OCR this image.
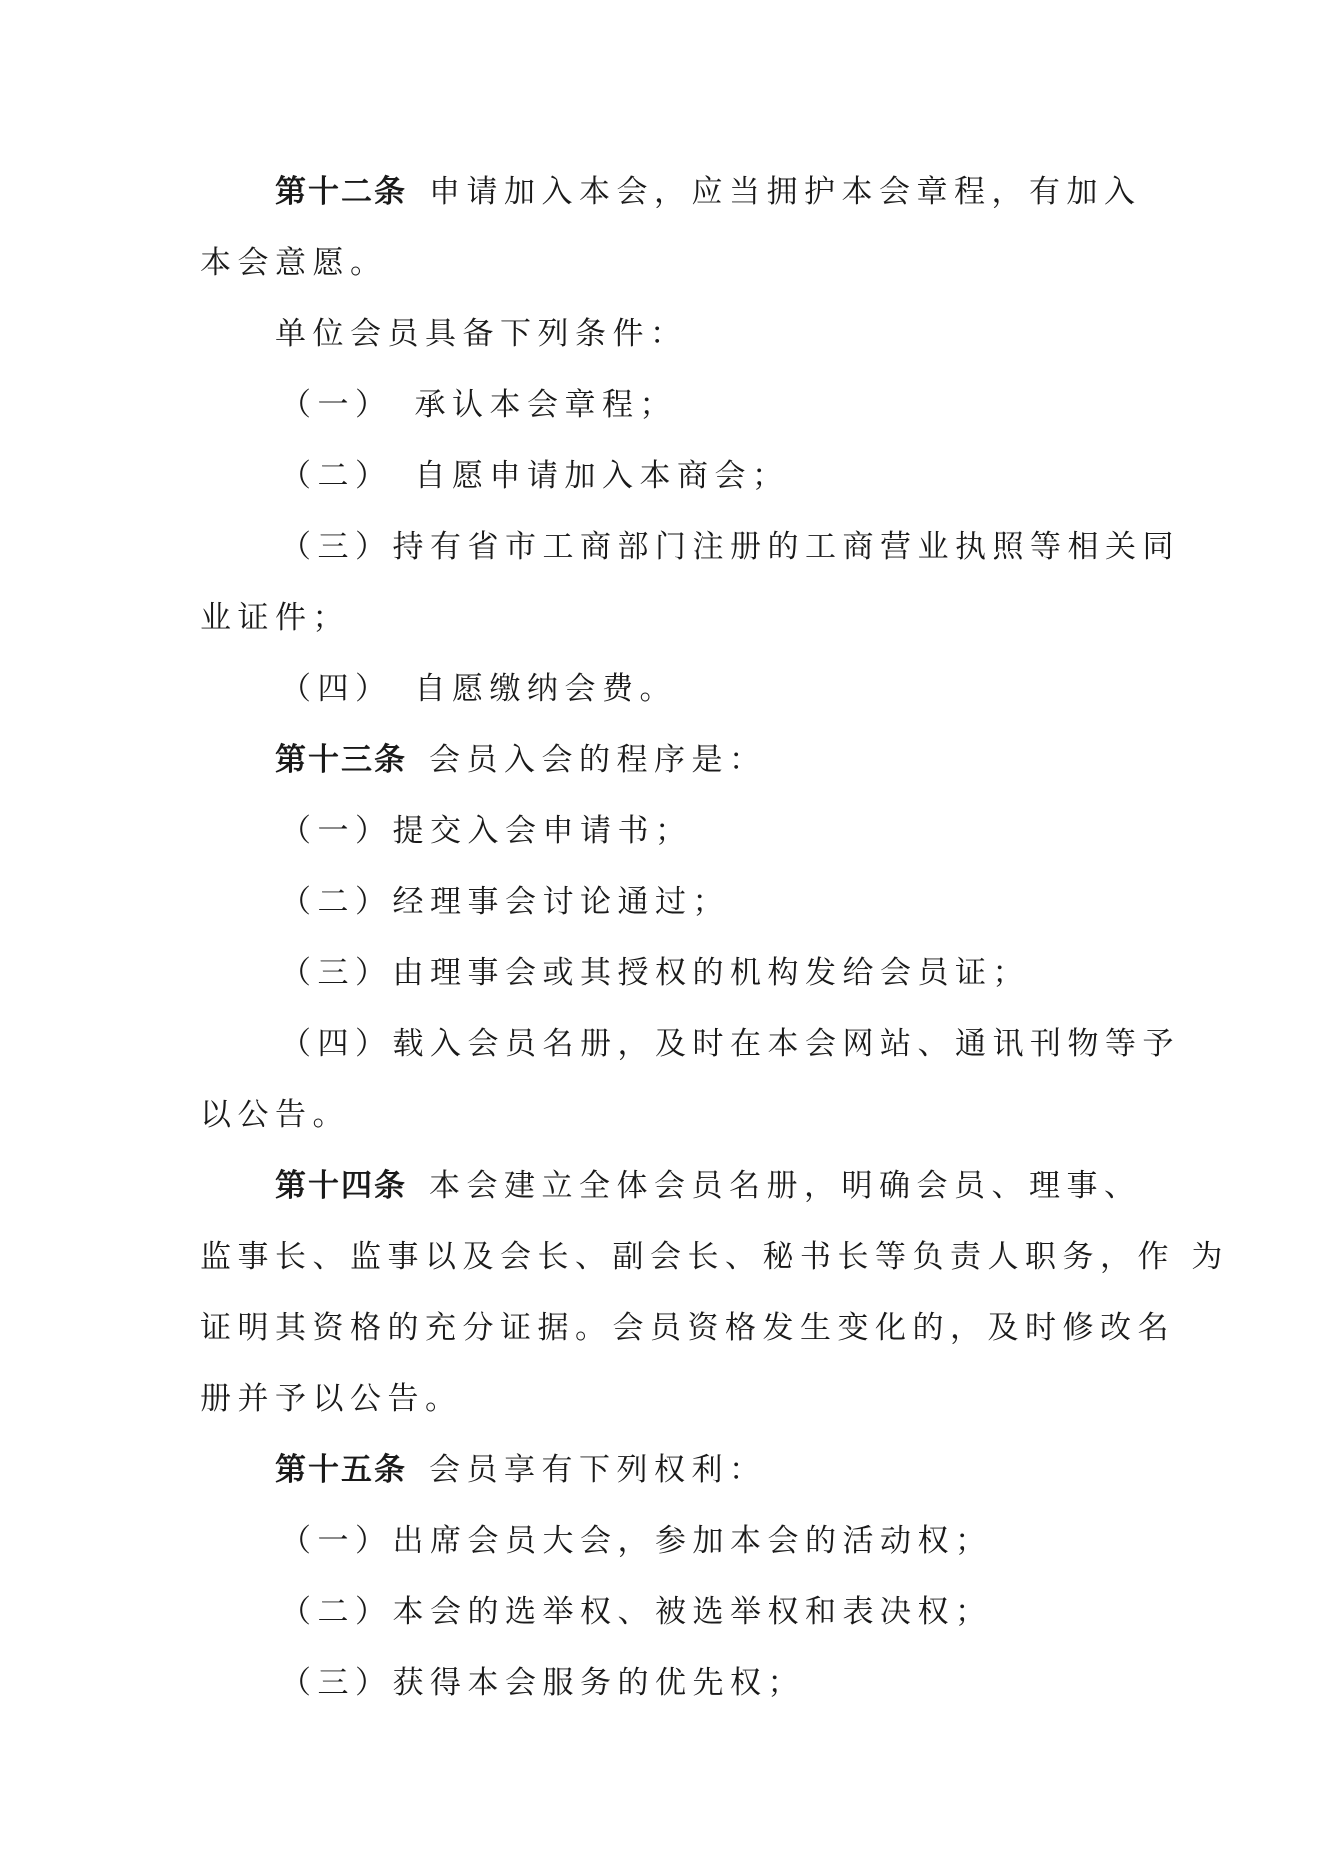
第十二条 申请加入本会，应当拥护本会章程，有加入
本会意愿。
单位会员具备下列条件：
（一） 承认本会章程；
（二） 自愿申请加入本商会；
（三）持有省市工商部门注册的工商营业执照等相关同
业证件；
（四） 自愿缴纳会费。
第十三条 会员入会的程序是：
（一）提交入会申请书；
（二）经理事会讨论通过；
（三）由理事会或其授权的机构发给会员证；
（四）载入会员名册，及时在本会网站、通讯刊物等予
以公告。
第十四条 本会建立全体会员名册，明确会员、理事、
监事长、监事以及会长、副会长、秘书长等负责人职务，作 为
证明其资格的充分证据。会员资格发生变化的，及时修改名
册并予以公告。
第十五条 会员享有下列权利：
（一）出席会员大会，参加本会的活动权；
（二）本会的选举权、被选举权和表决权；
（三）获得本会服务的优先权；
